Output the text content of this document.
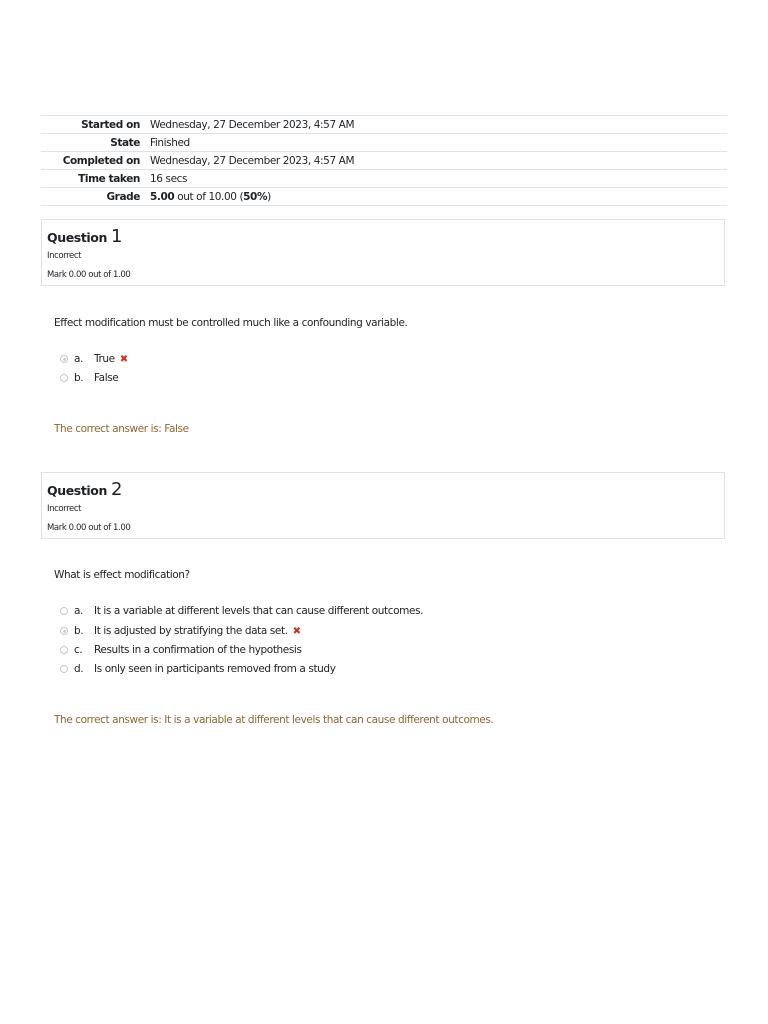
Started on	Wednesday, 27 December 2023, 4:57 AM
State	Finished
Completed on	Wednesday, 27 December 2023, 4:57 AM
Time taken	16 secs
Grade	5.00 out of 10.00 (50%)
Question 1
Incorrect
Mark 0.00 out of 1.00
Effect modification must be controlled much like a confounding variable.
a.	True ✖
b.	False
The correct answer is: False
Question 2
Incorrect
Mark 0.00 out of 1.00
What is effect modification?
a.	It is a variable at different levels that can cause different outcomes.
b.	It is adjusted by stratifying the data set. ✖
c.	Results in a confirmation of the hypothesis
d.	Is only seen in participants removed from a study
The correct answer is: It is a variable at different levels that can cause different outcomes.
